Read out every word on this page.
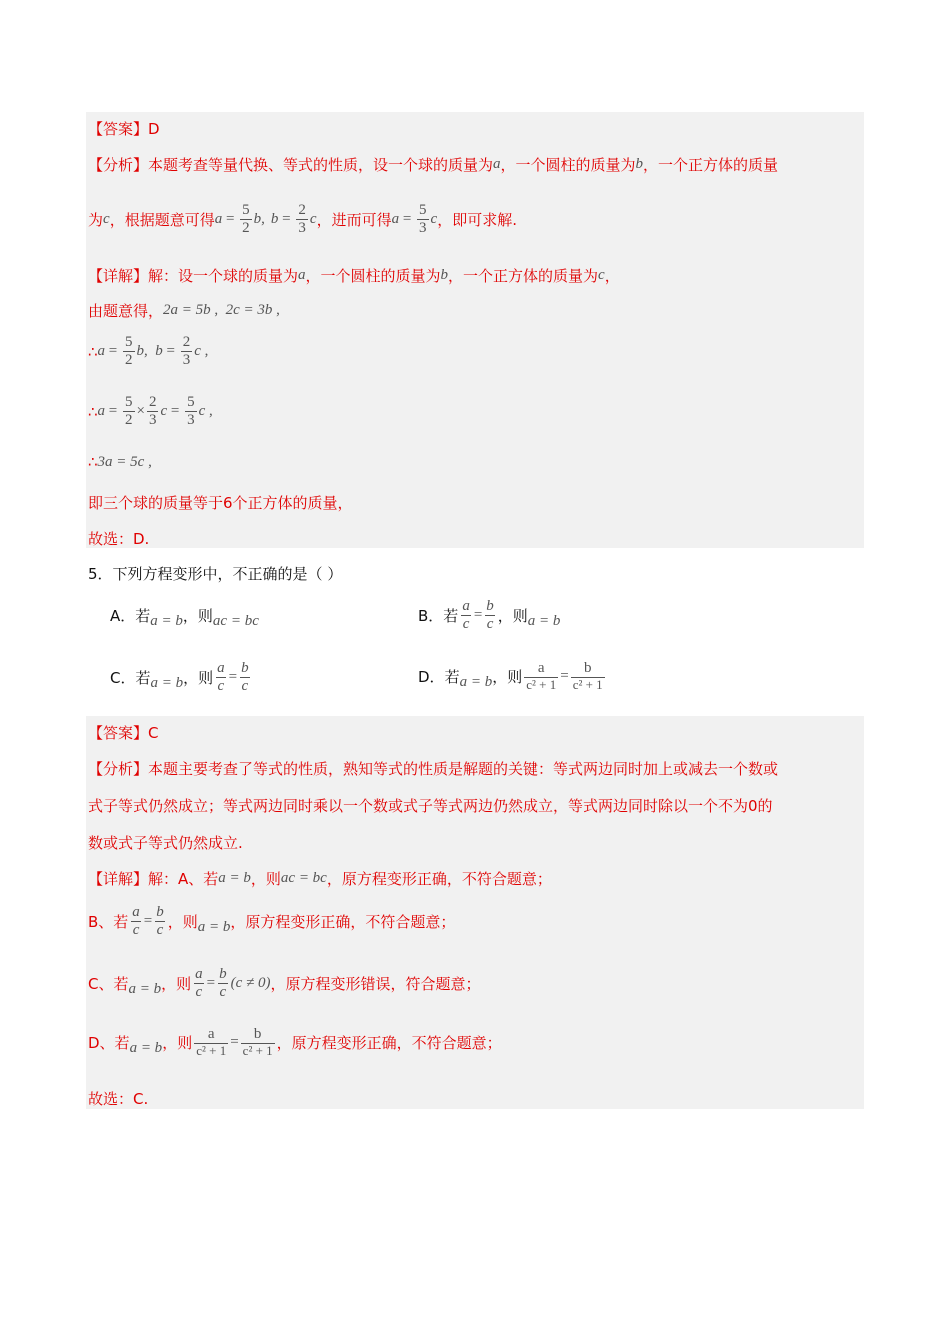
【答案】D
【分析】本题考查等量代换、等式的性质，设一个球的质量为 a ，一个圆柱的质量为 b ，一个正方体的质量
为 c ，根据题意可得 $a = \frac{5}{2}$ b , $b = \frac{2}{3}$ c ，进而可得 $a = \frac{5}{3}$ c ，即可求解.
【详解】解：设一个球的质量为 a ，一个圆柱的质量为 b ，一个正方体的质量为 c ，
由题意得， 2a = 5b , 2c = 3b ,
∴ $a = \frac{5}{2}$ b , $b = \frac{2}{3}$ c ,
∴ $a = \frac{5}{2} \times \frac{2}{3}$ $c = \frac{5}{3}$ c ,
∴ 3a = 5c ,
即三个球的质量等于6个正方体的质量，
故选：D.
5．下列方程变形中，不正确的是（ ）
A． 若 a = b ，则 ac = bc	B． 若 $\frac{a}{c} = \frac{b}{c}$ ，则 a = b
C． 若 a = b ，则 $\frac{a}{c} = \frac{b}{c}$	D． 若 a = b ，则 $\frac{a}{\text{c² + 1}} = \frac{b}{\text{c² + 1}}$
【答案】C
【分析】本题主要考查了等式的性质，熟知等式的性质是解题的关键：等式两边同时加上或减去一个数或
式子等式仍然成立；等式两边同时乘以一个数或式子等式两边仍然成立，等式两边同时除以一个不为0的
数或式子等式仍然成立.
【详解】解：A、若 a = b ，则 ac = bc ，原方程变形正确，不符合题意；
B、若 $\frac{a}{c} = \frac{b}{c}$ ，则 a = b ，原方程变形正确，不符合题意；
C、若 a = b ，则 $\frac{a}{c} = \frac{b}{c} (c \ne 0)$ ，原方程变形错误，符合题意；
D、若 a = b ，则 $\frac{a}{\text{c² + 1}} = \frac{b}{\text{c² + 1}}$ ，原方程变形正确，不符合题意；
故选：C.
